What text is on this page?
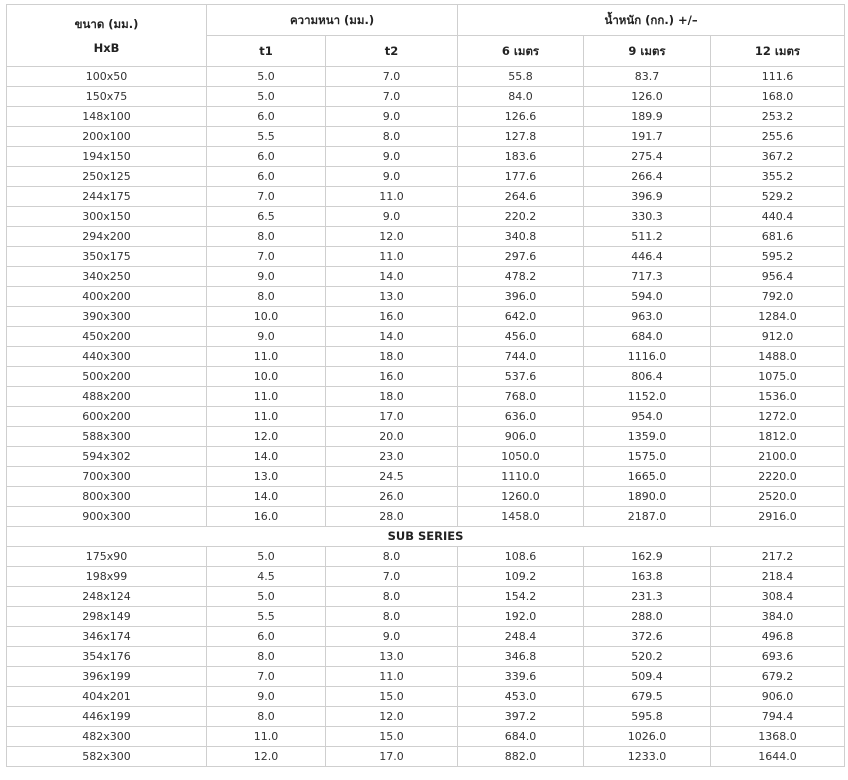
ขนาด (มม.)
HxB	ความหนา (มม.)		น้ำหนัก (กก.) +/–		
	t1	t2	6 เมตร	9 เมตร	12 เมตร
100x50	5.0	7.0	55.8	83.7	111.6
150x75	5.0	7.0	84.0	126.0	168.0
148x100	6.0	9.0	126.6	189.9	253.2
200x100	5.5	8.0	127.8	191.7	255.6
194x150	6.0	9.0	183.6	275.4	367.2
250x125	6.0	9.0	177.6	266.4	355.2
244x175	7.0	11.0	264.6	396.9	529.2
300x150	6.5	9.0	220.2	330.3	440.4
294x200	8.0	12.0	340.8	511.2	681.6
350x175	7.0	11.0	297.6	446.4	595.2
340x250	9.0	14.0	478.2	717.3	956.4
400x200	8.0	13.0	396.0	594.0	792.0
390x300	10.0	16.0	642.0	963.0	1284.0
450x200	9.0	14.0	456.0	684.0	912.0
440x300	11.0	18.0	744.0	1116.0	1488.0
500x200	10.0	16.0	537.6	806.4	1075.0
488x200	11.0	18.0	768.0	1152.0	1536.0
600x200	11.0	17.0	636.0	954.0	1272.0
588x300	12.0	20.0	906.0	1359.0	1812.0
594x302	14.0	23.0	1050.0	1575.0	2100.0
700x300	13.0	24.5	1110.0	1665.0	2220.0
800x300	14.0	26.0	1260.0	1890.0	2520.0
900x300	16.0	28.0	1458.0	2187.0	2916.0
SUB SERIES					
175x90	5.0	8.0	108.6	162.9	217.2
198x99	4.5	7.0	109.2	163.8	218.4
248x124	5.0	8.0	154.2	231.3	308.4
298x149	5.5	8.0	192.0	288.0	384.0
346x174	6.0	9.0	248.4	372.6	496.8
354x176	8.0	13.0	346.8	520.2	693.6
396x199	7.0	11.0	339.6	509.4	679.2
404x201	9.0	15.0	453.0	679.5	906.0
446x199	8.0	12.0	397.2	595.8	794.4
482x300	11.0	15.0	684.0	1026.0	1368.0
582x300	12.0	17.0	882.0	1233.0	1644.0
